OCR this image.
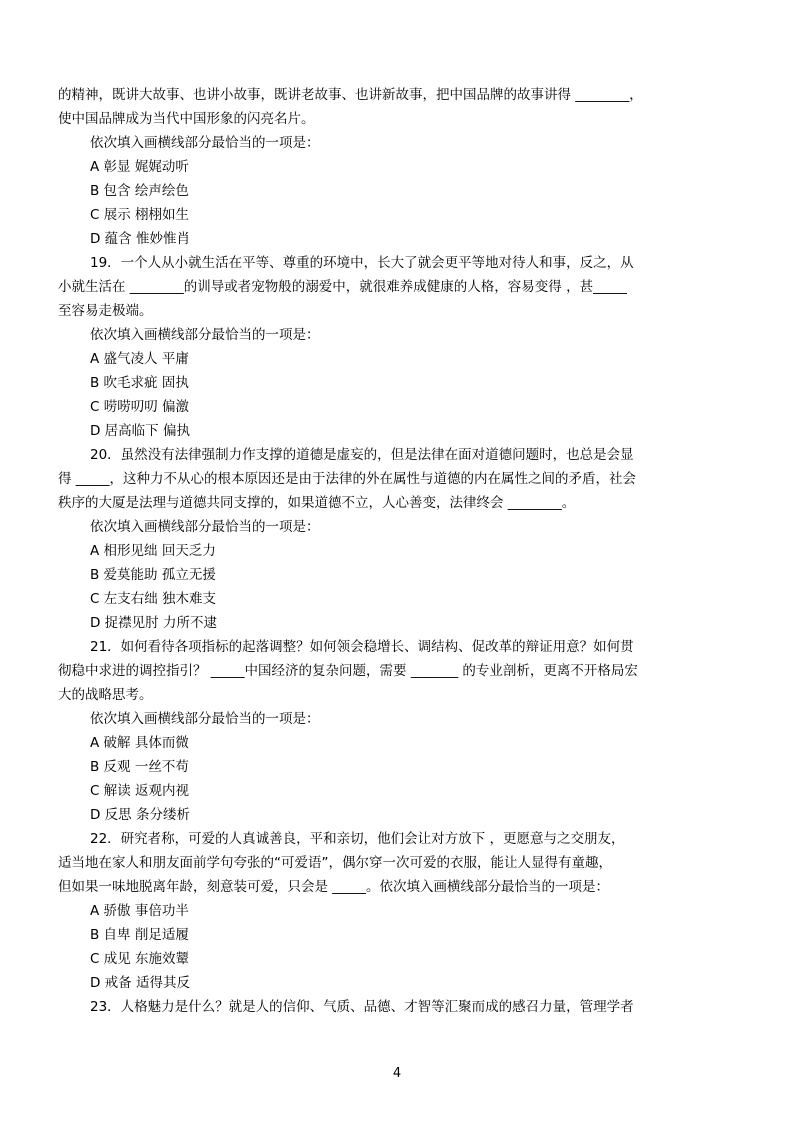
的精神，既讲大故事、也讲小故事，既讲老故事、也讲新故事，把中国品牌的故事讲得 ________，
使中国品牌成为当代中国形象的闪亮名片。
依次填入画横线部分最恰当的一项是：
A 彰显 娓娓动听
B 包含 绘声绘色
C 展示 栩栩如生
D 蕴含 惟妙惟肖
19．一个人从小就生活在平等、尊重的环境中，长大了就会更平等地对待人和事，反之，从
小就生活在 ________的训导或者宠物般的溺爱中，就很难养成健康的人格，容易变得 ，甚_____
至容易走极端。
依次填入画横线部分最恰当的一项是：
A 盛气凌人 平庸
B 吹毛求疵 固执
C 唠唠叨叨 偏激
D 居高临下 偏执
20．虽然没有法律强制力作支撑的道德是虚妄的，但是法律在面对道德问题时，也总是会显
得 _____，这种力不从心的根本原因还是由于法律的外在属性与道德的内在属性之间的矛盾，社会
秩序的大厦是法理与道德共同支撑的，如果道德不立，人心善变，法律终会 ________。
依次填入画横线部分最恰当的一项是：
A 相形见绌 回天乏力
B 爱莫能助 孤立无援
C 左支右绌 独木难支
D 捉襟见肘 力所不逮
21．如何看待各项指标的起落调整？如何领会稳增长、调结构、促改革的辩证用意？如何贯
彻稳中求进的调控指引？ _____中国经济的复杂问题，需要 _______ 的专业剖析，更离不开格局宏
大的战略思考。
依次填入画横线部分最恰当的一项是：
A 破解 具体而微
B 反观 一丝不苟
C 解读 返观内视
D 反思 条分缕析
22．研究者称，可爱的人真诚善良，平和亲切，他们会让对方放下 ，更愿意与之交朋友，
适当地在家人和朋友面前学句夸张的“可爱语”，偶尔穿一次可爱的衣服，能让人显得有童趣，
但如果一味地脱离年龄，刻意装可爱，只会是 _____。依次填入画横线部分最恰当的一项是：
A 骄傲 事倍功半
B 自卑 削足适履
C 成见 东施效颦
D 戒备 适得其反
23．人格魅力是什么？就是人的信仰、气质、品德、才智等汇聚而成的感召力量，管理学者
4
